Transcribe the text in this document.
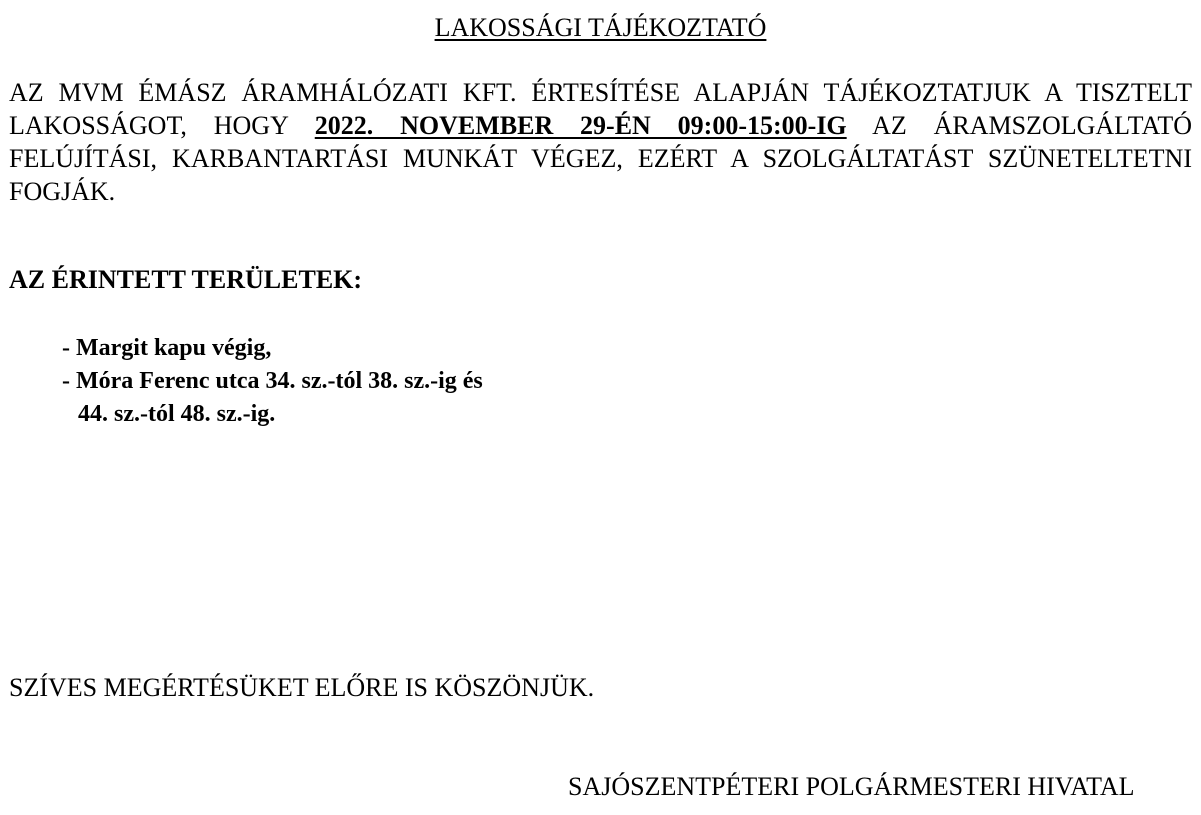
LAKOSSÁGI TÁJÉKOZTATÓ

AZ MVM ÉMÁSZ ÁRAMHÁLÓZATI KFT. ÉRTESÍTÉSE ALAPJÁN TÁJÉKOZTATJUK A TISZTELT LAKOSSÁGOT, HOGY 2022. NOVEMBER 29-ÉN 09:00-15:00-IG AZ ÁRAMSZOLGÁLTATÓ FELÚJÍTÁSI, KARBANTARTÁSI MUNKÁT VÉGEZ, EZÉRT A SZOLGÁLTATÁST SZÜNETELTETNI FOGJÁK.

AZ ÉRINTETT TERÜLETEK:
- Margit kapu végig,
- Móra Ferenc utca 34. sz.-tól 38. sz.-ig és
44. sz.-tól 48. sz.-ig.
SZÍVES MEGÉRTÉSÜKET ELŐRE IS KÖSZÖNJÜK.
SAJÓSZENTPÉTERI POLGÁRMESTERI HIVATAL
